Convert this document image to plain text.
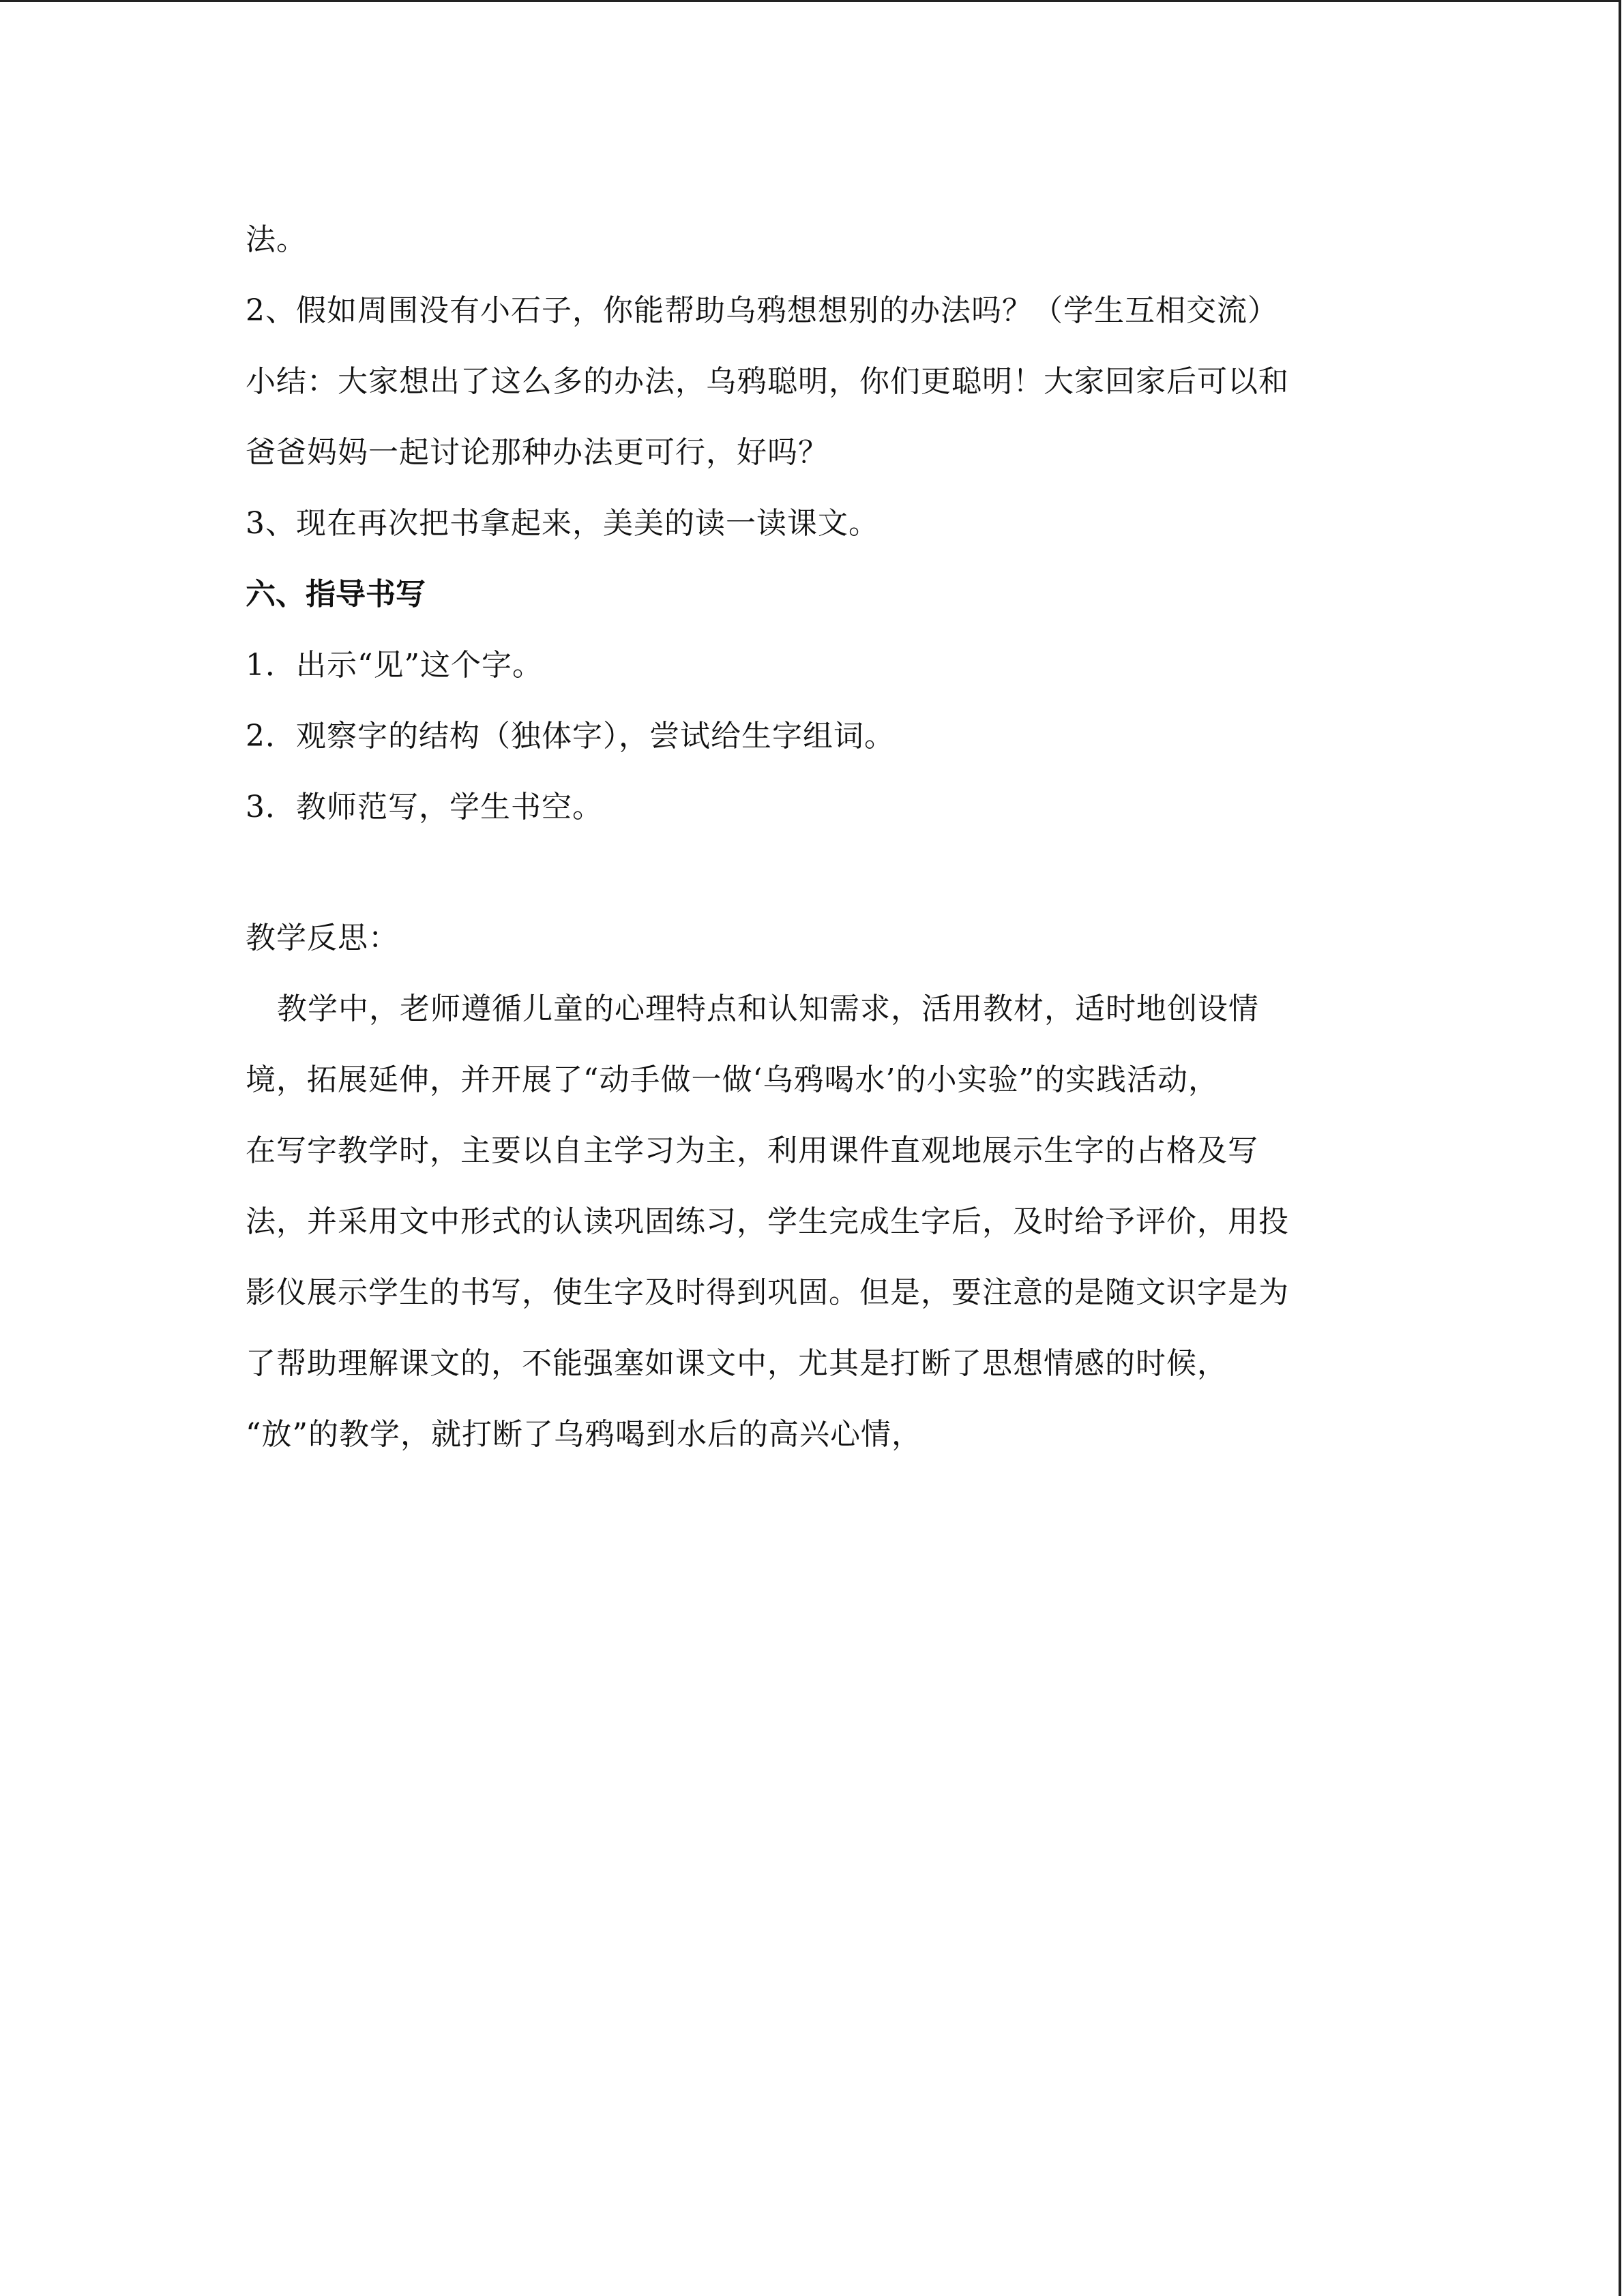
法。
2、假如周围没有小石子，你能帮助乌鸦想想别的办法吗？（学生互相交流）
小结：大家想出了这么多的办法，乌鸦聪明，你们更聪明！大家回家后可以和
爸爸妈妈一起讨论那种办法更可行，好吗？
3、现在再次把书拿起来，美美的读一读课文。
六、指导书写
1．出示“见”这个字。
2．观察字的结构（独体字），尝试给生字组词。
3．教师范写，学生书空。
教学反思：
教学中，老师遵循儿童的心理特点和认知需求，活用教材，适时地创设情
境，拓展延伸，并开展了“动手做一做‘乌鸦喝水’的小实验”的实践活动，
在写字教学时，主要以自主学习为主，利用课件直观地展示生字的占格及写
法，并采用文中形式的认读巩固练习，学生完成生字后，及时给予评价，用投
影仪展示学生的书写，使生字及时得到巩固。但是，要注意的是随文识字是为
了帮助理解课文的，不能强塞如课文中，尤其是打断了思想情感的时候，
“放”的教学，就打断了乌鸦喝到水后的高兴心情，
